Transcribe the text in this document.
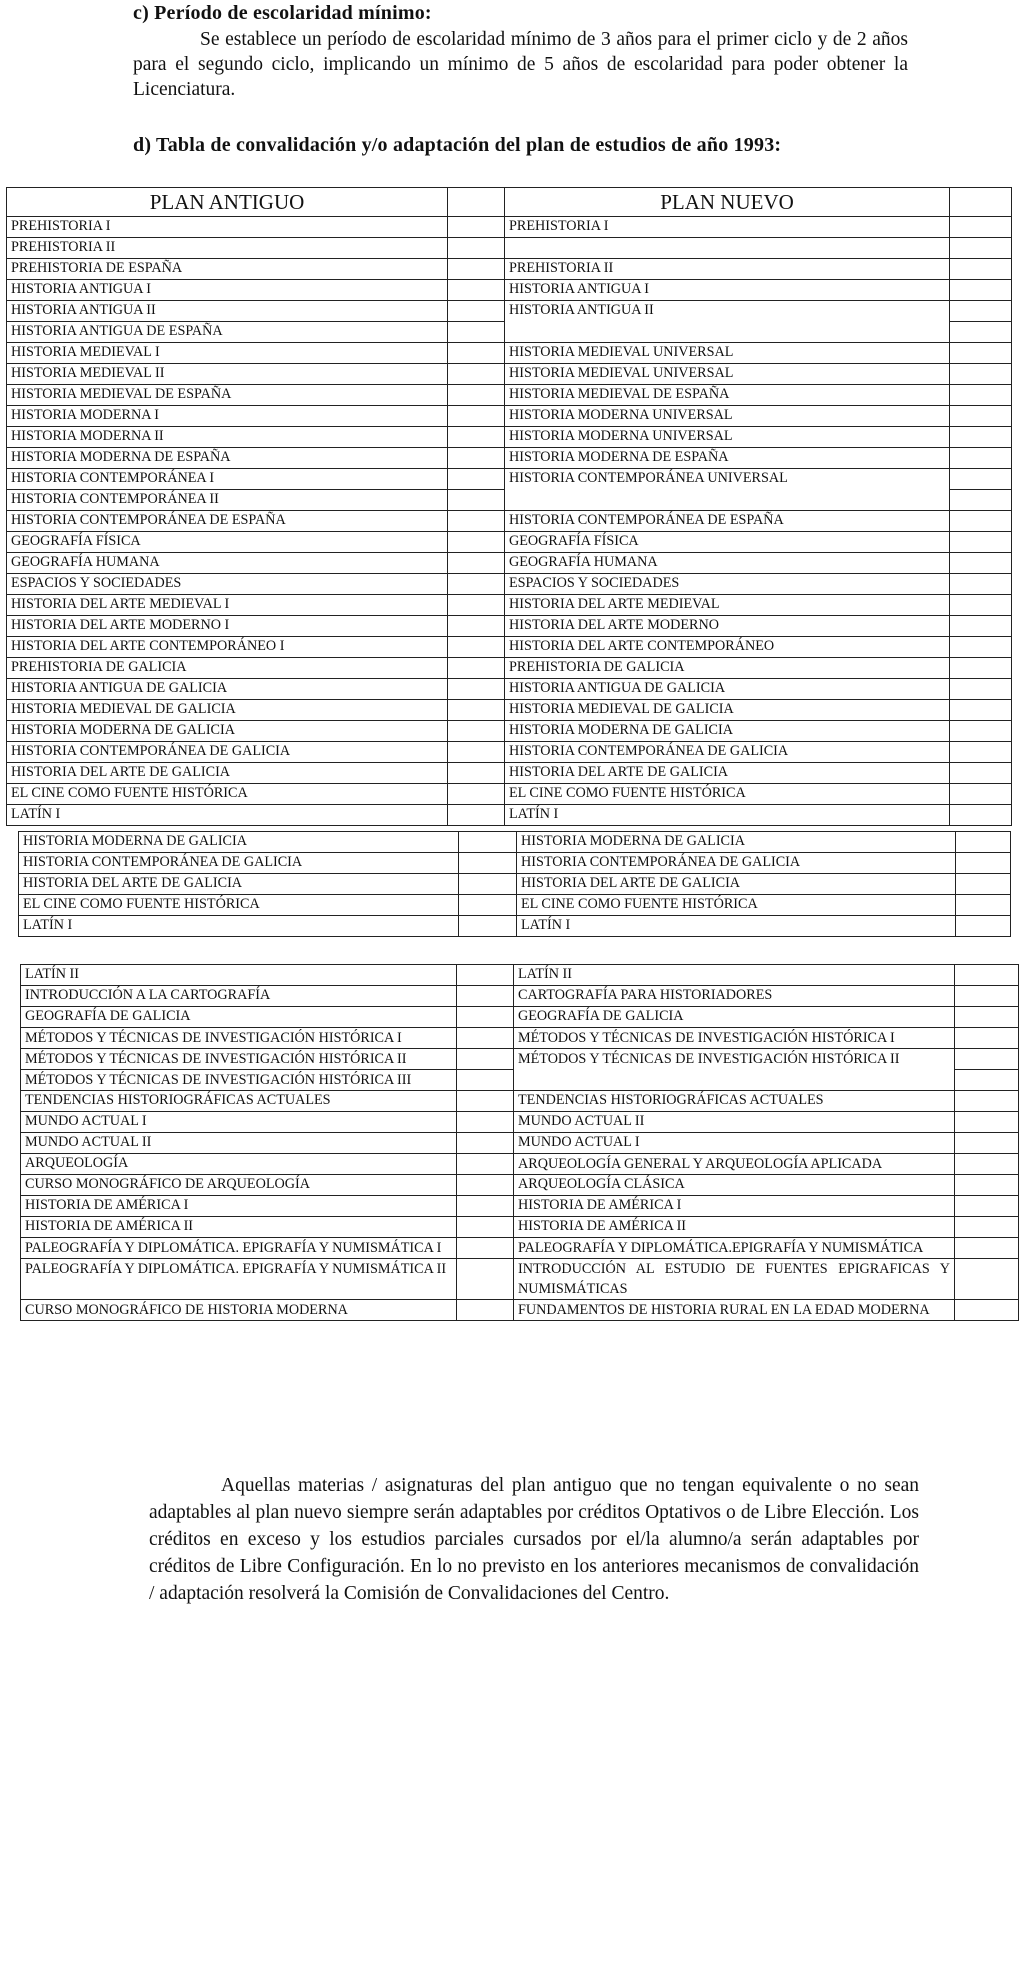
c) Período de escolaridad mínimo:
Se establece un período de escolaridad mínimo de 3 años para el primer ciclo y de 2 años para el segundo ciclo, implicando un mínimo de 5 años de escolaridad para poder obtener la Licenciatura.
d) Tabla de convalidación y/o adaptación del plan de estudios de año 1993:
PLAN ANTIGUO		PLAN NUEVO	
PREHISTORIA I		PREHISTORIA I	
PREHISTORIA II			
PREHISTORIA DE ESPAÑA		PREHISTORIA II	
HISTORIA ANTIGUA I		HISTORIA ANTIGUA I	
HISTORIA ANTIGUA II		HISTORIA ANTIGUA II	
HISTORIA ANTIGUA DE ESPAÑA			
HISTORIA MEDIEVAL I		HISTORIA MEDIEVAL UNIVERSAL	
HISTORIA MEDIEVAL II		HISTORIA MEDIEVAL UNIVERSAL	
HISTORIA MEDIEVAL DE ESPAÑA		HISTORIA MEDIEVAL DE ESPAÑA	
HISTORIA MODERNA I		HISTORIA MODERNA UNIVERSAL	
HISTORIA MODERNA II		HISTORIA MODERNA UNIVERSAL	
HISTORIA MODERNA DE ESPAÑA		HISTORIA MODERNA DE ESPAÑA	
HISTORIA CONTEMPORÁNEA I		HISTORIA CONTEMPORÁNEA UNIVERSAL	
HISTORIA CONTEMPORÁNEA II			
HISTORIA CONTEMPORÁNEA DE ESPAÑA		HISTORIA CONTEMPORÁNEA DE ESPAÑA	
GEOGRAFÍA FÍSICA		GEOGRAFÍA FÍSICA	
GEOGRAFÍA HUMANA		GEOGRAFÍA HUMANA	
ESPACIOS Y SOCIEDADES		ESPACIOS Y SOCIEDADES	
HISTORIA DEL ARTE MEDIEVAL I		HISTORIA DEL ARTE MEDIEVAL	
HISTORIA DEL ARTE MODERNO I		HISTORIA DEL ARTE MODERNO	
HISTORIA DEL ARTE CONTEMPORÁNEO I		HISTORIA DEL ARTE CONTEMPORÁNEO	
PREHISTORIA DE GALICIA		PREHISTORIA DE GALICIA	
HISTORIA ANTIGUA DE GALICIA		HISTORIA ANTIGUA DE GALICIA	
HISTORIA MEDIEVAL DE GALICIA		HISTORIA MEDIEVAL DE GALICIA	
HISTORIA MODERNA DE GALICIA		HISTORIA MODERNA DE GALICIA	
HISTORIA CONTEMPORÁNEA DE GALICIA		HISTORIA CONTEMPORÁNEA DE GALICIA	
HISTORIA DEL ARTE DE GALICIA		HISTORIA DEL ARTE DE GALICIA	
EL CINE COMO FUENTE HISTÓRICA		EL CINE COMO FUENTE HISTÓRICA	
LATÍN I		LATÍN I	
HISTORIA MODERNA DE GALICIA		HISTORIA MODERNA DE GALICIA	
HISTORIA CONTEMPORÁNEA DE GALICIA		HISTORIA CONTEMPORÁNEA DE GALICIA	
HISTORIA DEL ARTE DE GALICIA		HISTORIA DEL ARTE DE GALICIA	
EL CINE COMO FUENTE HISTÓRICA		EL CINE COMO FUENTE HISTÓRICA	
LATÍN I		LATÍN I	
LATÍN II		LATÍN II	
INTRODUCCIÓN A LA CARTOGRAFÍA		CARTOGRAFÍA PARA HISTORIADORES	
GEOGRAFÍA DE GALICIA		GEOGRAFÍA DE GALICIA	
MÉTODOS Y TÉCNICAS DE INVESTIGACIÓN HISTÓRICA I		MÉTODOS Y TÉCNICAS DE INVESTIGACIÓN HISTÓRICA I	
MÉTODOS Y TÉCNICAS DE INVESTIGACIÓN HISTÓRICA II		MÉTODOS Y TÉCNICAS DE INVESTIGACIÓN HISTÓRICA II	
MÉTODOS Y TÉCNICAS DE INVESTIGACIÓN HISTÓRICA III			
TENDENCIAS HISTORIOGRÁFICAS ACTUALES		TENDENCIAS HISTORIOGRÁFICAS ACTUALES	
MUNDO ACTUAL I		MUNDO ACTUAL II	
MUNDO ACTUAL II		MUNDO ACTUAL I	
ARQUEOLOGÍA		ARQUEOLOGÍA GENERAL Y ARQUEOLOGÍA APLICADA	
CURSO MONOGRÁFICO DE ARQUEOLOGÍA		ARQUEOLOGÍA CLÁSICA	
HISTORIA DE AMÉRICA I		HISTORIA DE AMÉRICA I	
HISTORIA DE AMÉRICA II		HISTORIA DE AMÉRICA II	
PALEOGRAFÍA Y DIPLOMÁTICA. EPIGRAFÍA Y NUMISMÁTICA I		PALEOGRAFÍA Y DIPLOMÁTICA.EPIGRAFÍA Y NUMISMÁTICA	
PALEOGRAFÍA Y DIPLOMÁTICA. EPIGRAFÍA Y NUMISMÁTICA II		INTRODUCCIÓN AL ESTUDIO DE FUENTES EPIGRAFICAS Y NUMISMÁTICAS	
CURSO MONOGRÁFICO DE HISTORIA MODERNA		FUNDAMENTOS DE HISTORIA RURAL EN LA EDAD MODERNA	
Aquellas materias / asignaturas del plan antiguo que no tengan equivalente o no sean adaptables al plan nuevo siempre serán adaptables por créditos Optativos o de Libre Elección. Los créditos en exceso y los estudios parciales cursados por el/la alumno/a serán adaptables por créditos de Libre Configuración. En lo no previsto en los anteriores mecanismos de convalidación / adaptación resolverá la Comisión de Convalidaciones del Centro.
